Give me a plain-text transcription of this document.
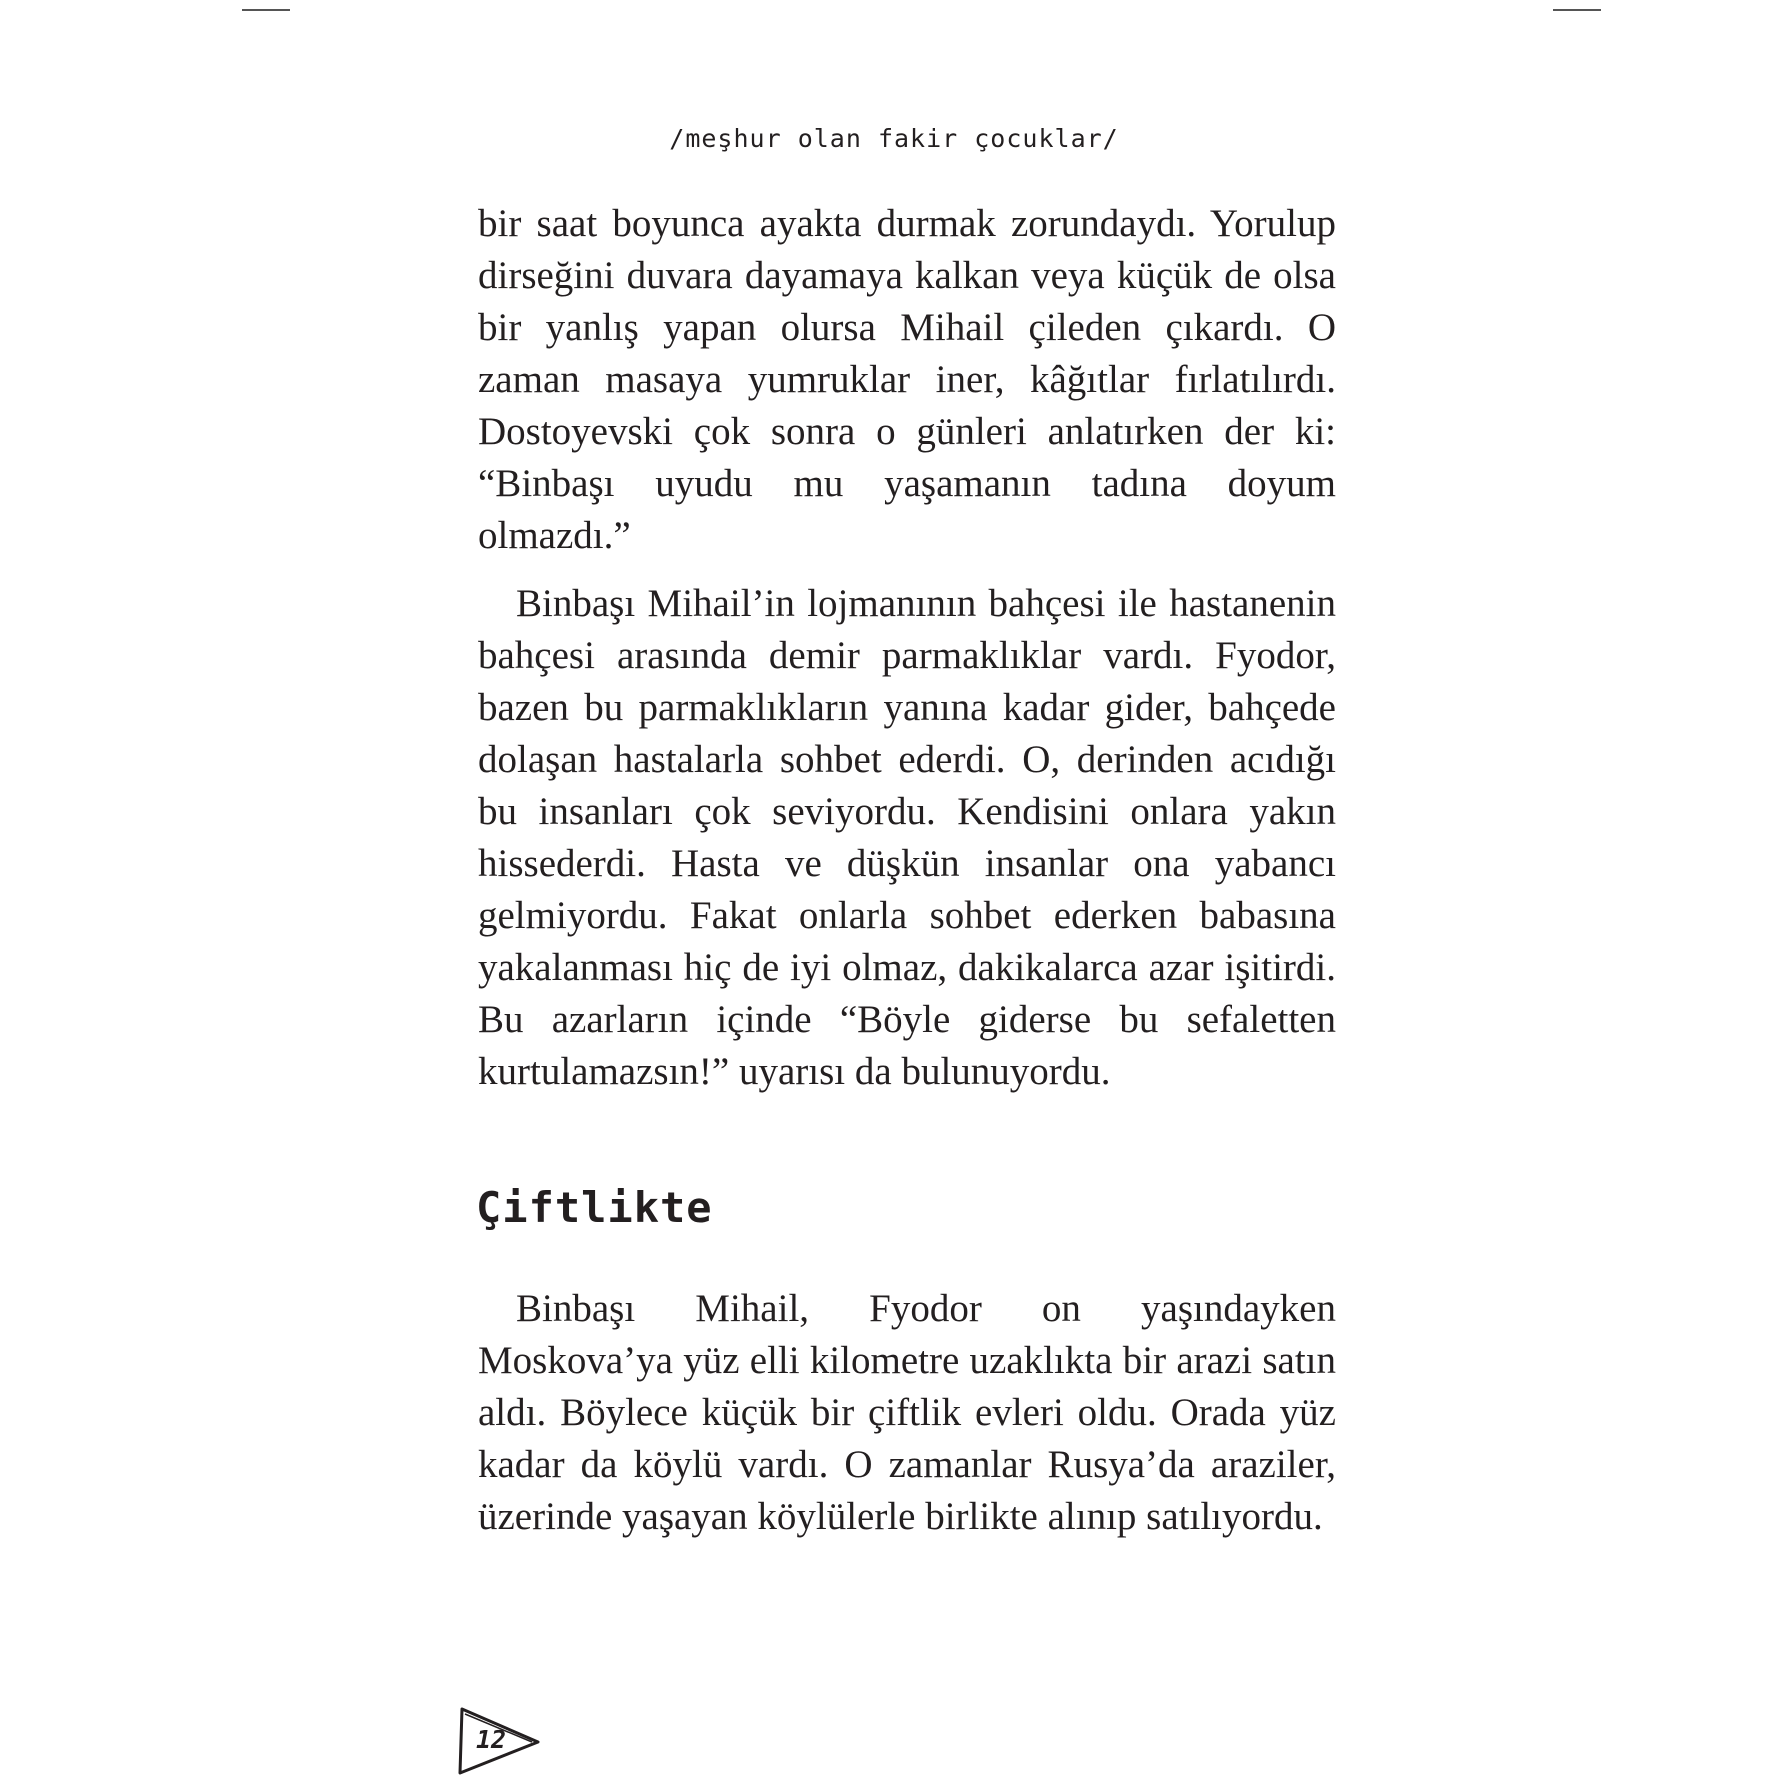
/meşhur olan fakir çocuklar/

bir saat boyunca ayakta durmak zorundaydı. Yorulup dirseğini duvara dayamaya kalkan veya küçük de olsa bir yanlış yapan olursa Mihail çileden çıkardı. O zaman masaya yumruklar iner, kâğıtlar fırlatılırdı. Dostoyevski çok sonra o günleri anlatırken der ki: “Binbaşı uyudu mu yaşamanın tadına doyum olmazdı.”

Binbaşı Mihail’in lojmanının bahçesi ile hastanenin bahçesi arasında demir parmaklıklar vardı. Fyodor, bazen bu parmaklıkların yanına kadar gider, bahçede dolaşan hastalarla sohbet ederdi. O, derinden acıdığı bu insanları çok seviyordu. Kendisini onlara yakın hissederdi. Hasta ve düşkün insanlar ona yabancı gelmiyordu. Fakat onlarla sohbet ederken babasına yakalanması hiç de iyi olmaz, dakikalarca azar işitirdi. Bu azarların içinde “Böyle giderse bu sefaletten kurtulamazsın!” uyarısı da bulunuyordu.

Çiftlikte

Binbaşı Mihail, Fyodor on yaşındayken Moskova’ya yüz elli kilometre uzaklıkta bir arazi satın aldı. Böylece küçük bir çiftlik evleri oldu. Orada yüz kadar da köylü vardı. O zamanlar Rusya’da araziler, üzerinde yaşayan köylülerle birlikte alınıp satılıyordu.

12
